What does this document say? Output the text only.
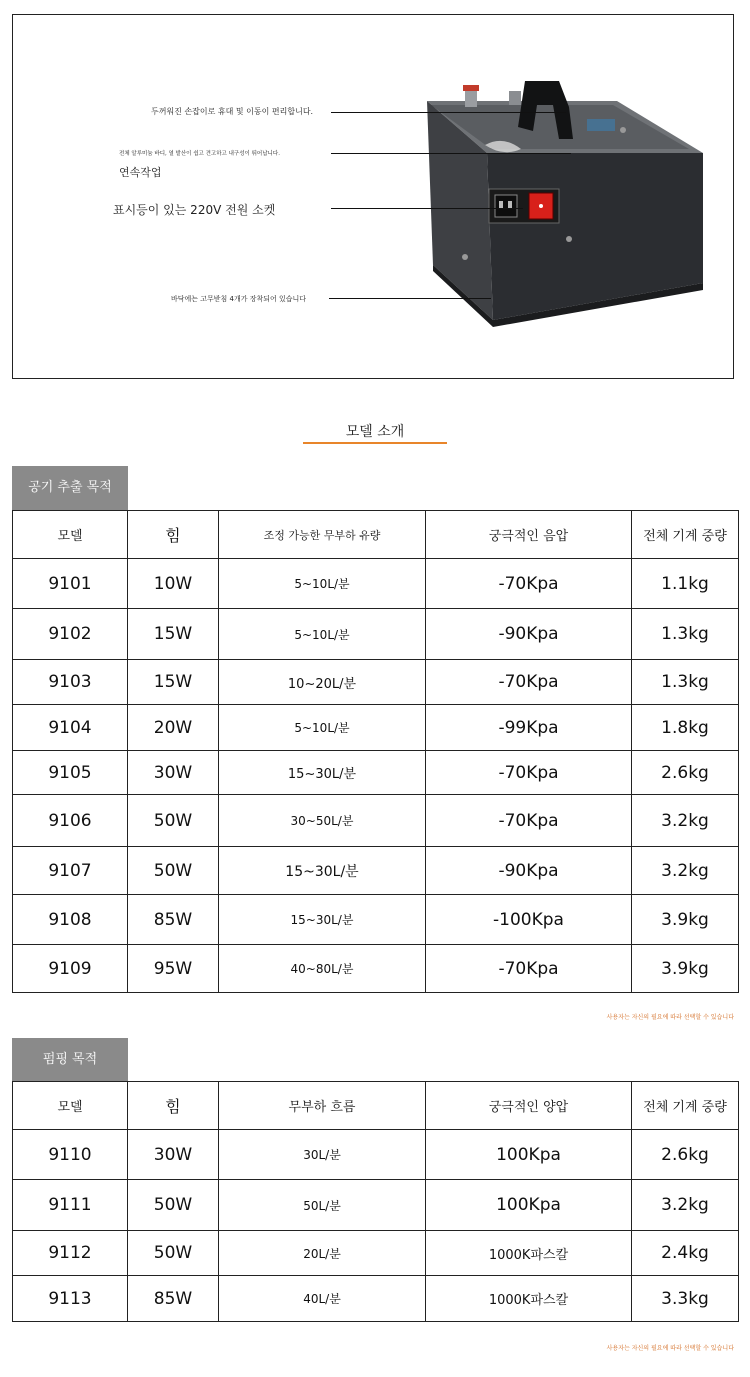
두꺼워진 손잡이로 휴대 및 이동이 편리합니다.
전체 알루미늄 바디, 열 발산이 쉽고 견고하고 내구성이 뛰어납니다.
연속작업
표시등이 있는 220V 전원 소켓
바닥에는 고무받침 4개가 장착되어 있습니다
모델 소개
공기 추출 목적
모델	힘	조정 가능한 무부하 유량	궁극적인 음압	전체 기계 중량
9101	10W	5~10L/분	-70Kpa	1.1kg
9102	15W	5~10L/분	-90Kpa	1.3kg
9103	15W	10~20L/분	-70Kpa	1.3kg
9104	20W	5~10L/분	-99Kpa	1.8kg
9105	30W	15~30L/분	-70Kpa	2.6kg
9106	50W	30~50L/분	-70Kpa	3.2kg
9107	50W	15~30L/분	-90Kpa	3.2kg
9108	85W	15~30L/분	-100Kpa	3.9kg
9109	95W	40~80L/분	-70Kpa	3.9kg
사용자는 자신의 필요에 따라 선택할 수 있습니다
펌핑 목적
모델	힘	무부하 흐름	궁극적인 양압	전체 기계 중량
9110	30W	30L/분	100Kpa	2.6kg
9111	50W	50L/분	100Kpa	3.2kg
9112	50W	20L/분	1000K파스칼	2.4kg
9113	85W	40L/분	1000K파스칼	3.3kg
사용자는 자신의 필요에 따라 선택할 수 있습니다
